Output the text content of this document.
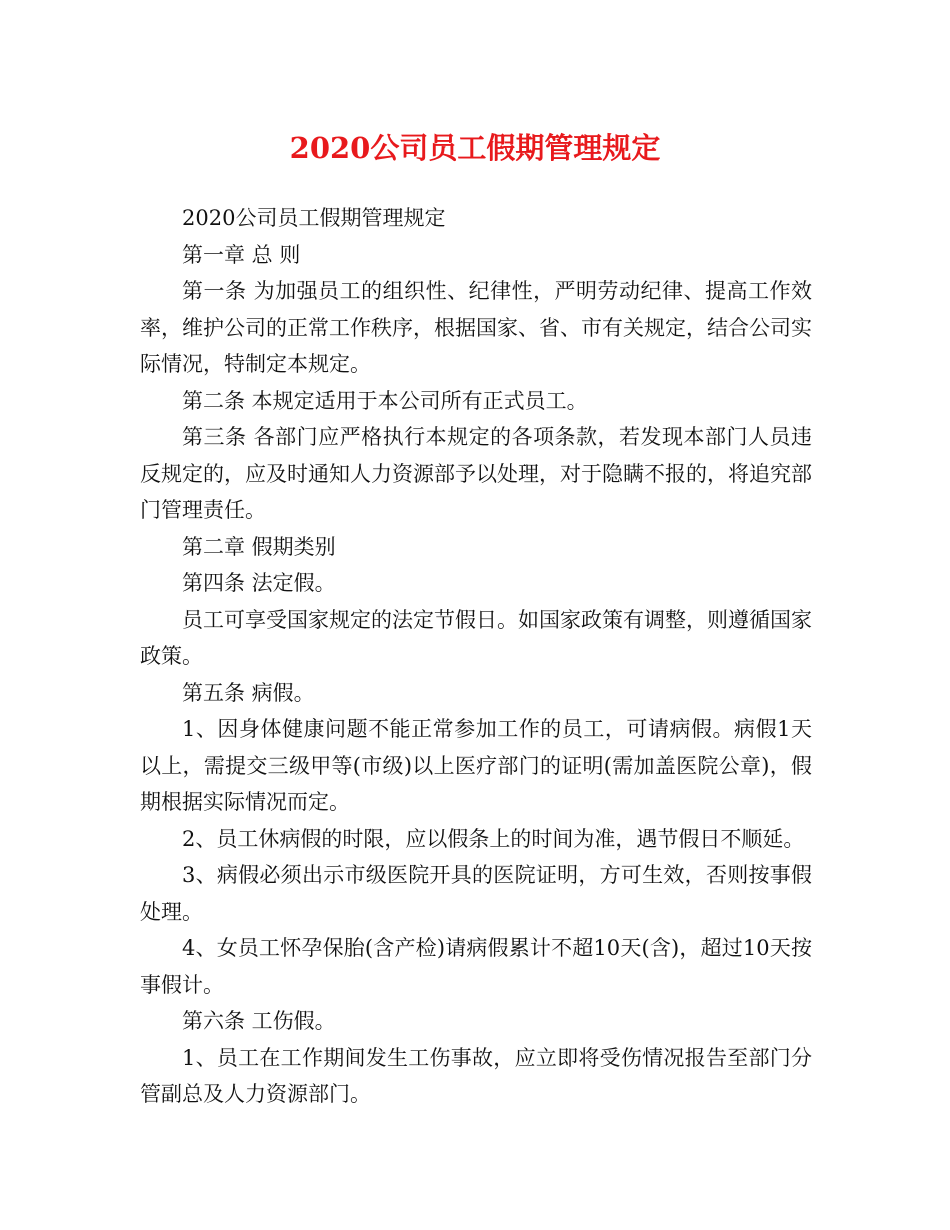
2020公司员工假期管理规定

2020公司员工假期管理规定

第一章 总 则

第一条 为加强员工的组织性、纪律性，严明劳动纪律、提高工作效率，维护公司的正常工作秩序，根据国家、省、市有关规定，结合公司实际情况，特制定本规定。

第二条 本规定适用于本公司所有正式员工。

第三条 各部门应严格执行本规定的各项条款，若发现本部门人员违反规定的，应及时通知人力资源部予以处理，对于隐瞒不报的，将追究部门管理责任。

第二章 假期类别

第四条 法定假。

员工可享受国家规定的法定节假日。如国家政策有调整，则遵循国家政策。

第五条 病假。

1、因身体健康问题不能正常参加工作的员工，可请病假。病假1天以上，需提交三级甲等(市级)以上医疗部门的证明(需加盖医院公章)，假期根据实际情况而定。

2、员工休病假的时限，应以假条上的时间为准，遇节假日不顺延。

3、病假必须出示市级医院开具的医院证明，方可生效，否则按事假处理。

4、女员工怀孕保胎(含产检)请病假累计不超10天(含)，超过10天按事假计。

第六条 工伤假。

1、员工在工作期间发生工伤事故，应立即将受伤情况报告至部门分管副总及人力资源部门。
